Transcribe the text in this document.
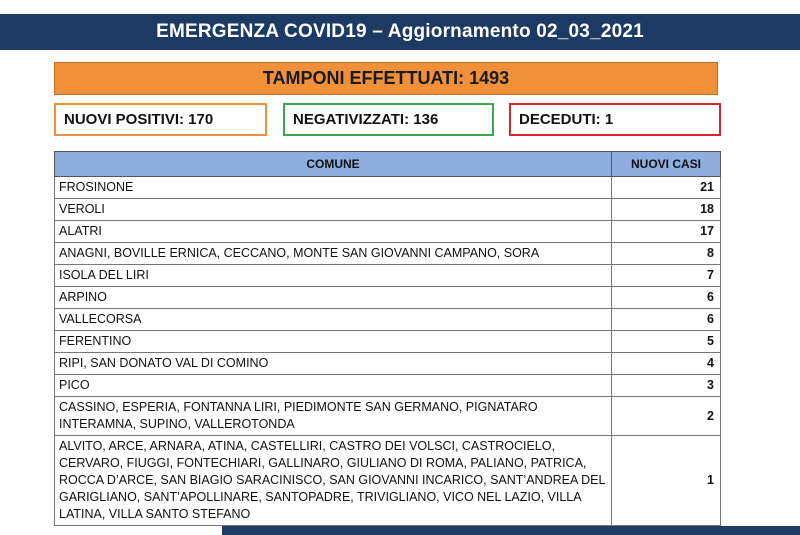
EMERGENZA COVID19 – Aggiornamento 02_03_2021
TAMPONI EFFETTUATI: 1493
NUOVI POSITIVI: 170	NEGATIVIZZATI: 136	DECEDUTI: 1
COMUNE	NUOVI CASI
FROSINONE	21
VEROLI	18
ALATRI	17
ANAGNI, BOVILLE ERNICA, CECCANO, MONTE SAN GIOVANNI CAMPANO, SORA	8
ISOLA DEL LIRI	7
ARPINO	6
VALLECORSA	6
FERENTINO	5
RIPI, SAN DONATO VAL DI COMINO	4
PICO	3
CASSINO, ESPERIA, FONTANNA LIRI, PIEDIMONTE SAN GERMANO, PIGNATARO INTERAMNA, SUPINO, VALLEROTONDA	2
ALVITO, ARCE, ARNARA, ATINA, CASTELLIRI, CASTRO DEI VOLSCI, CASTROCIELO, CERVARO, FIUGGI, FONTECHIARI, GALLINARO, GIULIANO DI ROMA, PALIANO, PATRICA, ROCCA D’ARCE, SAN BIAGIO SARACINISCO, SAN GIOVANNI INCARICO, SANT’ANDREA DEL GARIGLIANO, SANT’APOLLINARE, SANTOPADRE, TRIVIGLIANO, VICO NEL LAZIO, VILLA LATINA, VILLA SANTO STEFANO	1
